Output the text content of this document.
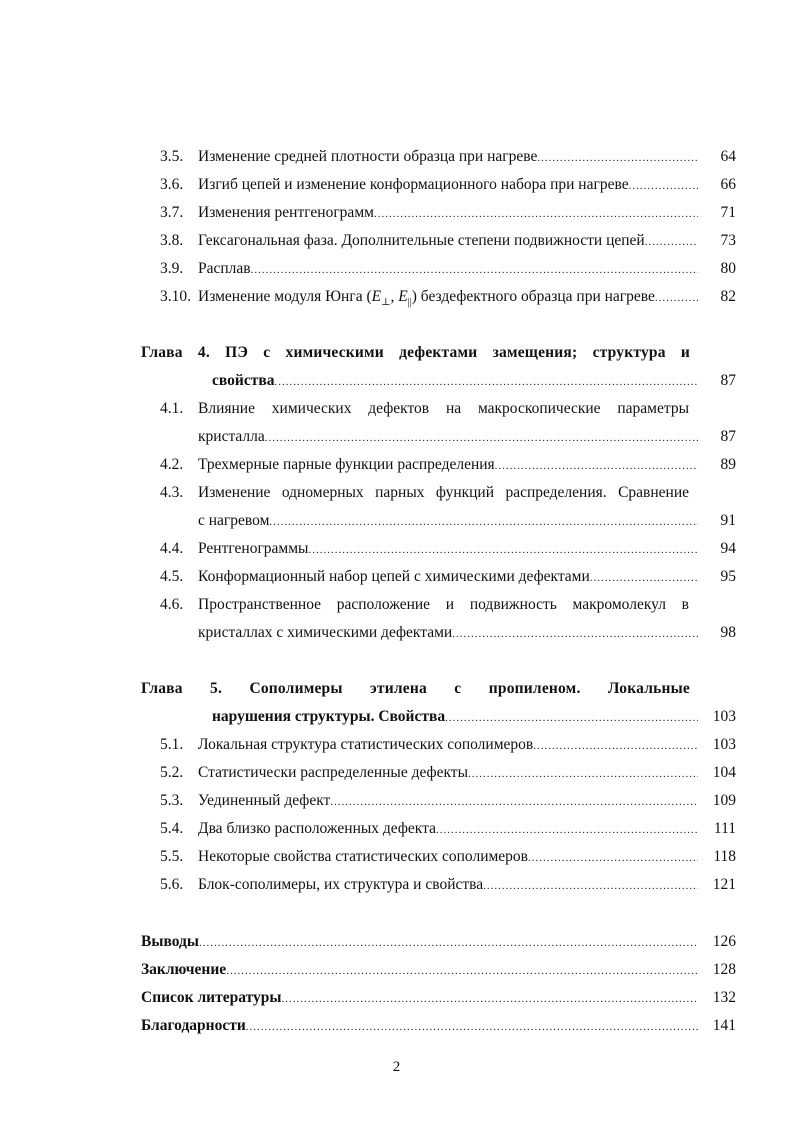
3.5. Изменение средней плотности образца при нагреве .....	64
3.6. Изгиб цепей и изменение конформационного набора при нагреве .....	66
3.7. Изменения рентгенограмм .....	71
3.8. Гексагональная фаза. Дополнительные степени подвижности цепей .....	73
3.9. Расплав .....	80
3.10. Изменение модуля Юнга ($E_\perp$, $E_{||}$) бездефектного образца при нагреве .....	82
Глава 4. ПЭ с химическими дефектами замещения; структура и
свойства .....	87
4.1. Влияние химических дефектов на макроскопические параметры
кристалла .....	87
4.2. Трехмерные парные функции распределения .....	89
4.3. Изменение одномерных парных функций распределения. Сравнение
с нагревом .....	91
4.4. Рентгенограммы .....	94
4.5. Конформационный набор цепей с химическими дефектами .....	95
4.6. Пространственное расположение и подвижность макромолекул в
кристаллах с химическими дефектами .....	98
Глава 5. Сополимеры этилена с пропиленом. Локальные
нарушения структуры. Свойства .....	103
5.1. Локальная структура статистических сополимеров .....	103
5.2. Статистически распределенные дефекты .....	104
5.3. Уединенный дефект .....	109
5.4. Два близко расположенных дефекта .....	111
5.5. Некоторые свойства статистических сополимеров .....	118
5.6. Блок-сополимеры, их структура и свойства .....	121
Выводы .....	126
Заключение .....	128
Список литературы .....	132
Благодарности .....	141
2
